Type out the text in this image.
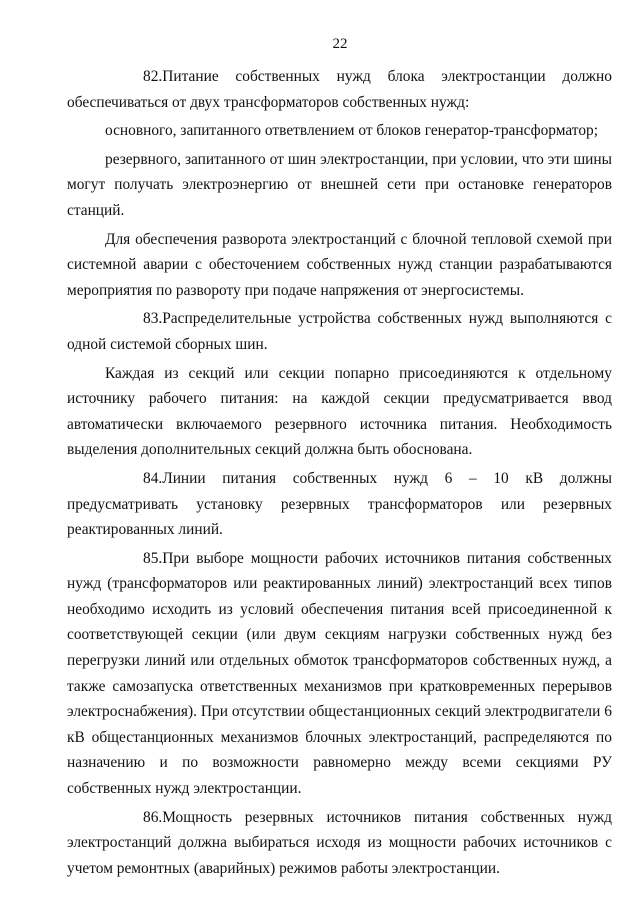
22

82.Питание собственных нужд блока электростанции должно обеспечиваться от двух трансформаторов собственных нужд:

основного, запитанного ответвлением от блоков генератор-трансформатор;

резервного, запитанного от шин электростанции, при условии, что эти шины могут получать электроэнергию от внешней сети при остановке генераторов станций.

Для обеспечения разворота электростанций с блочной тепловой схемой при системной аварии с обесточением собственных нужд станции разрабатываются мероприятия по развороту при подаче напряжения от энергосистемы.

83.Распределительные устройства собственных нужд выполняются с одной системой сборных шин.

Каждая из секций или секции попарно присоединяются к отдельному источнику рабочего питания: на каждой секции предусматривается ввод автоматически включаемого резервного источника питания. Необходимость выделения дополнительных секций должна быть обоснована.

84.Линии питания собственных нужд 6 – 10 кВ должны предусматривать установку резервных трансформаторов или резервных реактированных линий.

85.При выборе мощности рабочих источников питания собственных нужд (трансформаторов или реактированных линий) электростанций всех типов необходимо исходить из условий обеспечения питания всей присоединенной к соответствующей секции (или двум секциям нагрузки собственных нужд без перегрузки линий или отдельных обмоток трансформаторов собственных нужд, а также самозапуска ответственных механизмов при кратковременных перерывов электроснабжения). При отсутствии общестанционных секций электродвигатели 6 кВ общестанционных механизмов блочных электростанций, распределяются по назначению и по возможности равномерно между всеми секциями РУ собственных нужд электростанции.

86.Мощность резервных источников питания собственных нужд электростанций должна выбираться исходя из мощности рабочих источников с учетом ремонтных (аварийных) режимов работы электростанции.
